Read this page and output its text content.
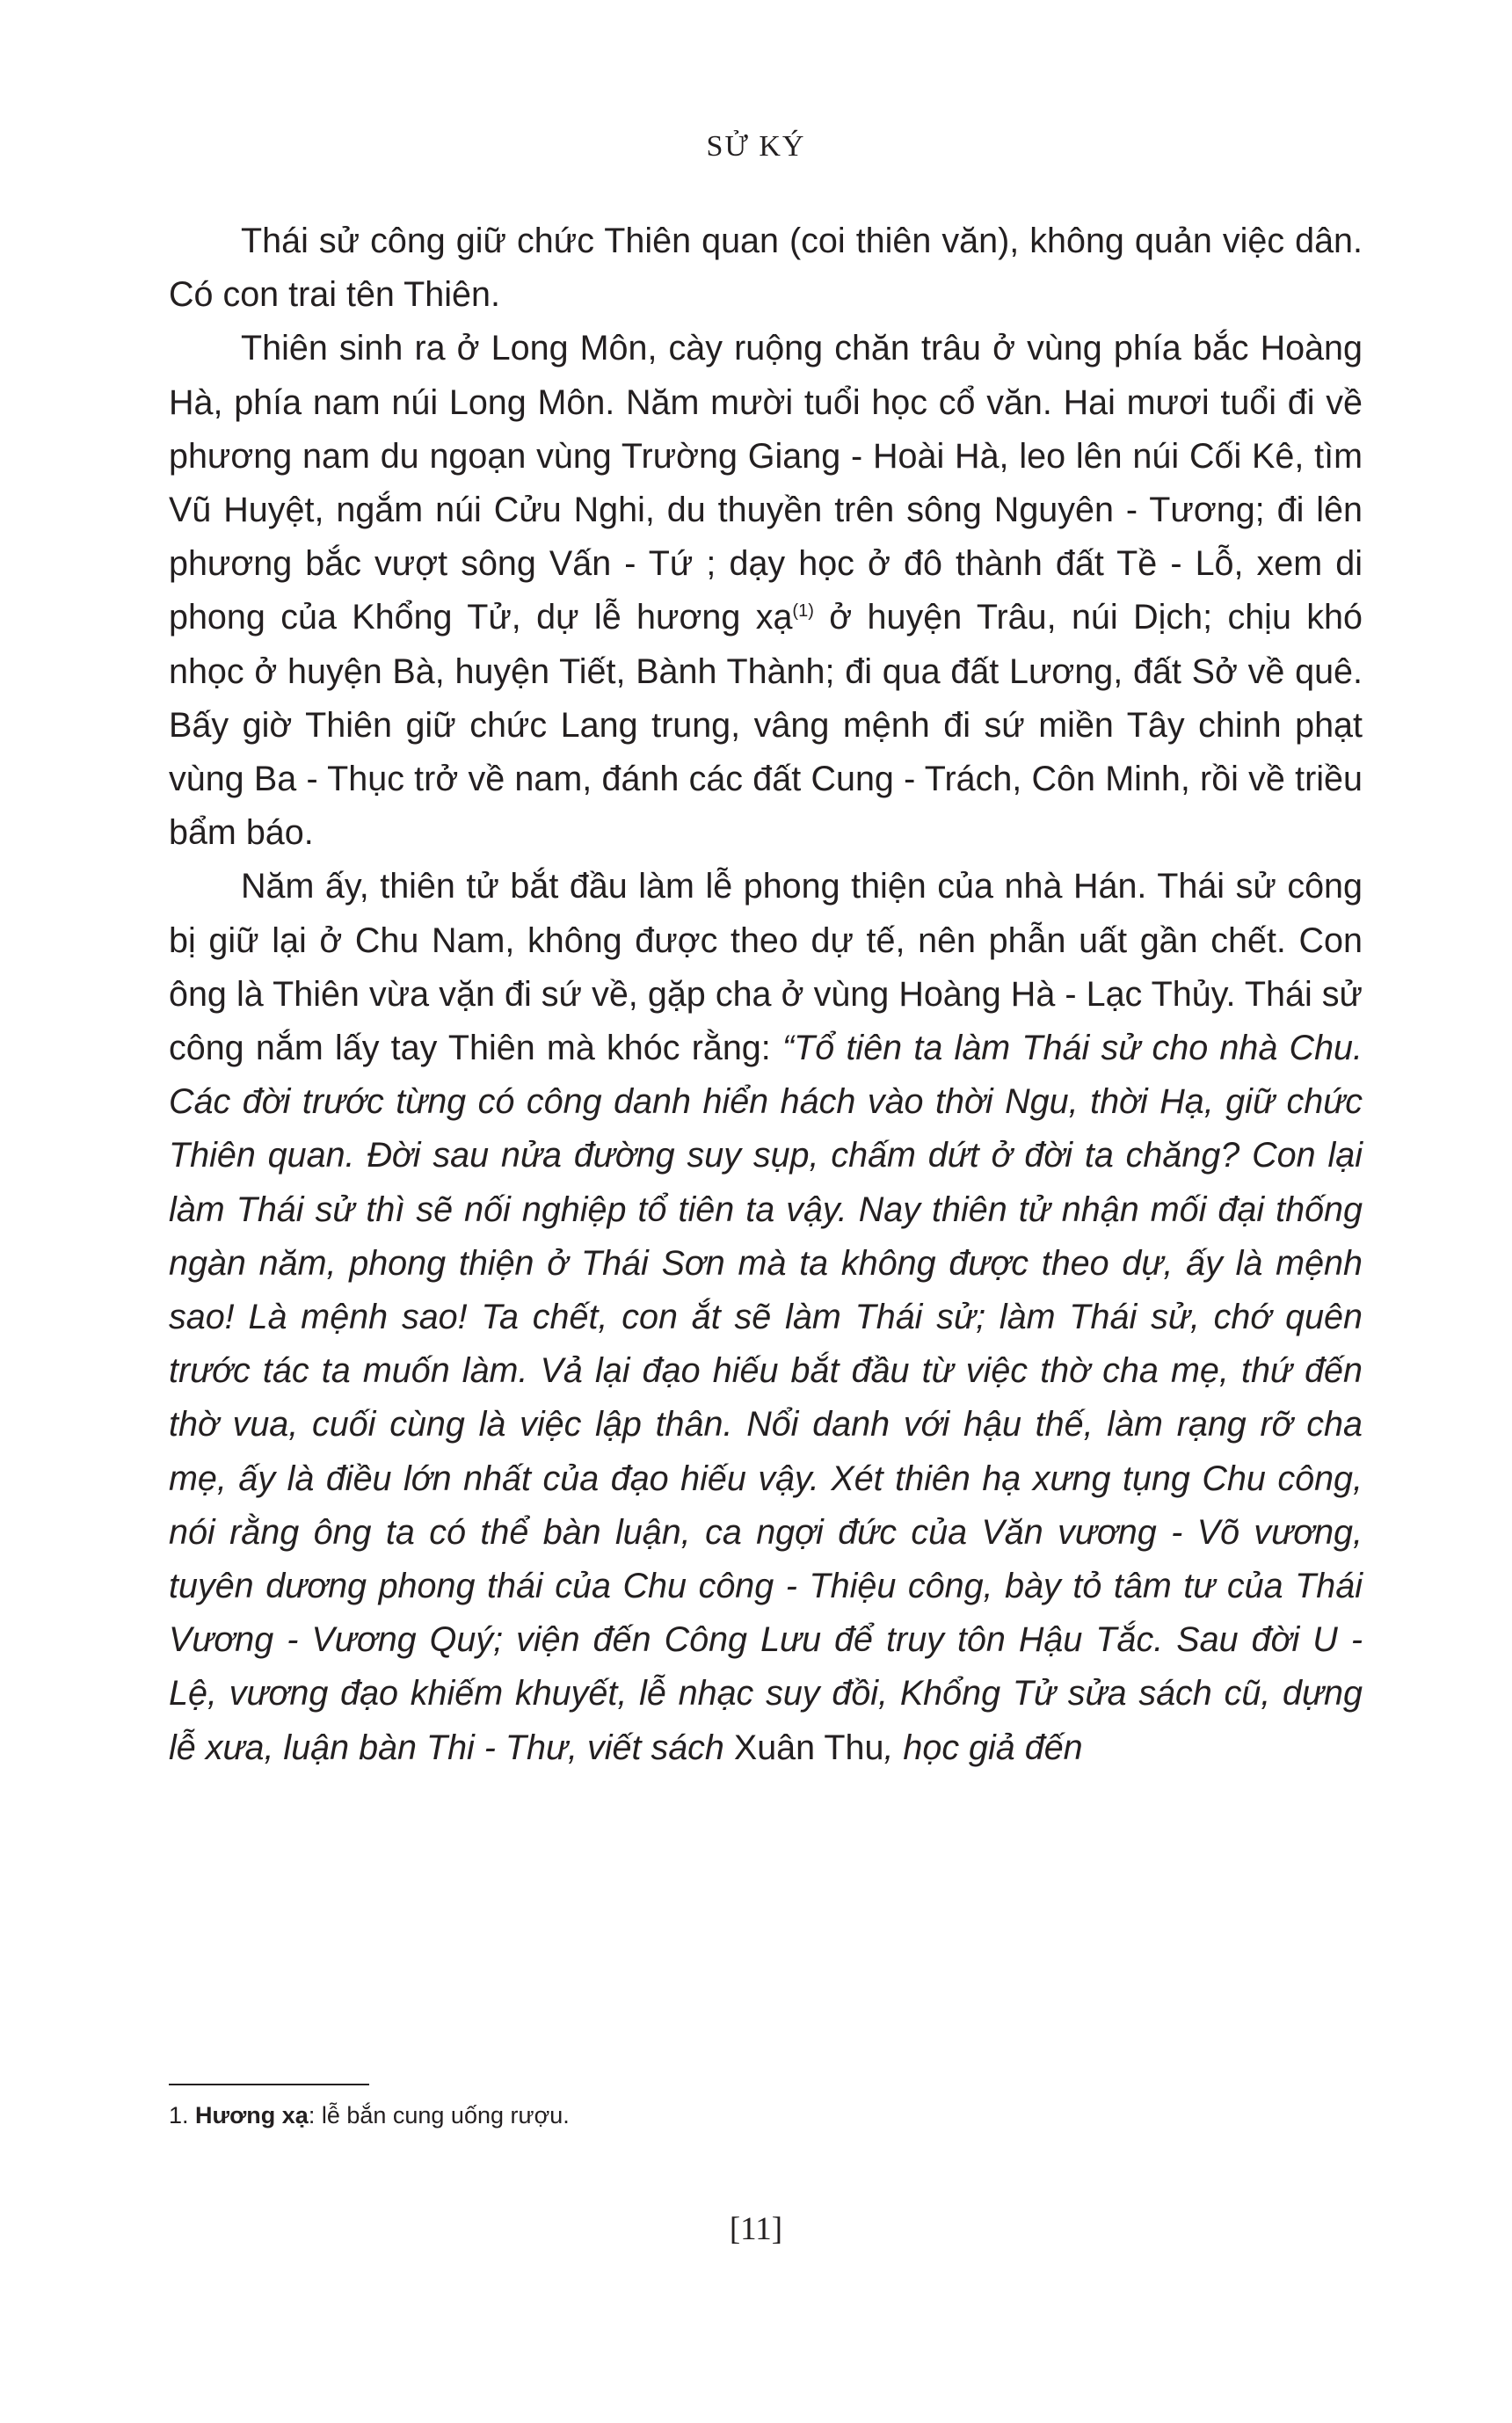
SỬ KÝ

Thái sử công giữ chức Thiên quan (coi thiên văn), không quản việc dân. Có con trai tên Thiên.

Thiên sinh ra ở Long Môn, cày ruộng chăn trâu ở vùng phía bắc Hoàng Hà, phía nam núi Long Môn. Năm mười tuổi học cổ văn. Hai mươi tuổi đi về phương nam du ngoạn vùng Trường Giang - Hoài Hà, leo lên núi Cối Kê, tìm Vũ Huyệt, ngắm núi Cửu Nghi, du thuyền trên sông Nguyên - Tương; đi lên phương bắc vượt sông Vấn - Tứ ; dạy học ở đô thành đất Tề - Lỗ, xem di phong của Khổng Tử, dự lễ hương xạ$^{(1)}$ ở huyện Trâu, núi Dịch; chịu khó nhọc ở huyện Bà, huyện Tiết, Bành Thành; đi qua đất Lương, đất Sở về quê. Bấy giờ Thiên giữ chức Lang trung, vâng mệnh đi sứ miền Tây chinh phạt vùng Ba - Thục trở về nam, đánh các đất Cung - Trách, Côn Minh, rồi về triều bẩm báo.

Năm ấy, thiên tử bắt đầu làm lễ phong thiện của nhà Hán. Thái sử công bị giữ lại ở Chu Nam, không được theo dự tế, nên phẫn uất gần chết. Con ông là Thiên vừa vặn đi sứ về, gặp cha ở vùng Hoàng Hà - Lạc Thủy. Thái sử công nắm lấy tay Thiên mà khóc rằng: “Tổ tiên ta làm Thái sử cho nhà Chu. Các đời trước từng có công danh hiển hách vào thời Ngu, thời Hạ, giữ chức Thiên quan. Đời sau nửa đường suy sụp, chấm dứt ở đời ta chăng? Con lại làm Thái sử thì sẽ nối nghiệp tổ tiên ta vậy. Nay thiên tử nhận mối đại thống ngàn năm, phong thiện ở Thái Sơn mà ta không được theo dự, ấy là mệnh sao! Là mệnh sao! Ta chết, con ắt sẽ làm Thái sử; làm Thái sử, chớ quên trước tác ta muốn làm. Vả lại đạo hiếu bắt đầu từ việc thờ cha mẹ, thứ đến thờ vua, cuối cùng là việc lập thân. Nổi danh với hậu thế, làm rạng rỡ cha mẹ, ấy là điều lớn nhất của đạo hiếu vậy. Xét thiên hạ xưng tụng Chu công, nói rằng ông ta có thể bàn luận, ca ngợi đức của Văn vương - Võ vương, tuyên dương phong thái của Chu công - Thiệu công, bày tỏ tâm tư của Thái Vương - Vương Quý; viện đến Công Lưu để truy tôn Hậu Tắc. Sau đời U - Lệ, vương đạo khiếm khuyết, lễ nhạc suy đồi, Khổng Tử sửa sách cũ, dựng lễ xưa, luận bàn Thi - Thư, viết sách Xuân Thu, học giả đến

1. Hương xạ: lễ bắn cung uống rượu.
[11]
